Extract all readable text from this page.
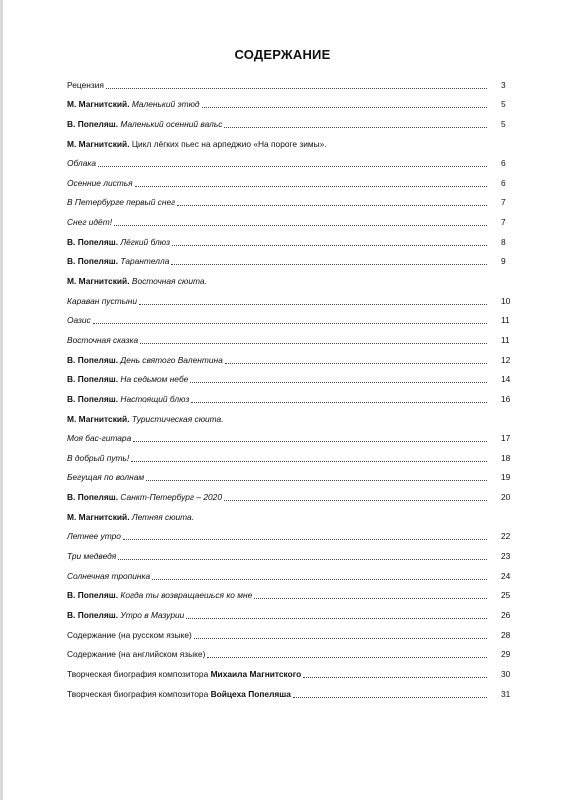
СОДЕРЖАНИЕ
Рецензия	3
М. Магнитский. Маленький этюд	5
В. Попеляш. Маленький осенний вальс	5
М. Магнитский. Цикл лёгких пьес на арпеджио «На пороге зимы».
Облака	6
Осенние листья	6
В Петербурге первый снег	7
Снег идёт!	7
В. Попеляш. Лёгкий блюз	8
В. Попеляш. Тарантелла	9
М. Магнитский. Восточная сюита.
Караван пустыни	10
Оазис	11
Восточная сказка	11
В. Попеляш. День святого Валентина	12
В. Попеляш. На седьмом небе	14
В. Попеляш. Настоящий блюз	16
М. Магнитский. Туристическая сюита.
Моя бас-гитара	17
В добрый путь!	18
Бегущая по волнам	19
В. Попеляш. Санкт-Петербург – 2020	20
М. Магнитский. Летняя сюита.
Летнее утро	22
Три медведя	23
Солнечная тропинка	24
В. Попеляш. Когда ты возвращаешься ко мне	25
В. Попеляш. Утро в Мазурии	26
Содержание (на русском языке)	28
Содержание (на английском языке)	29
Творческая биография композитора Михаила Магнитского	30
Творческая биография композитора Войцеха Попеляша	31
